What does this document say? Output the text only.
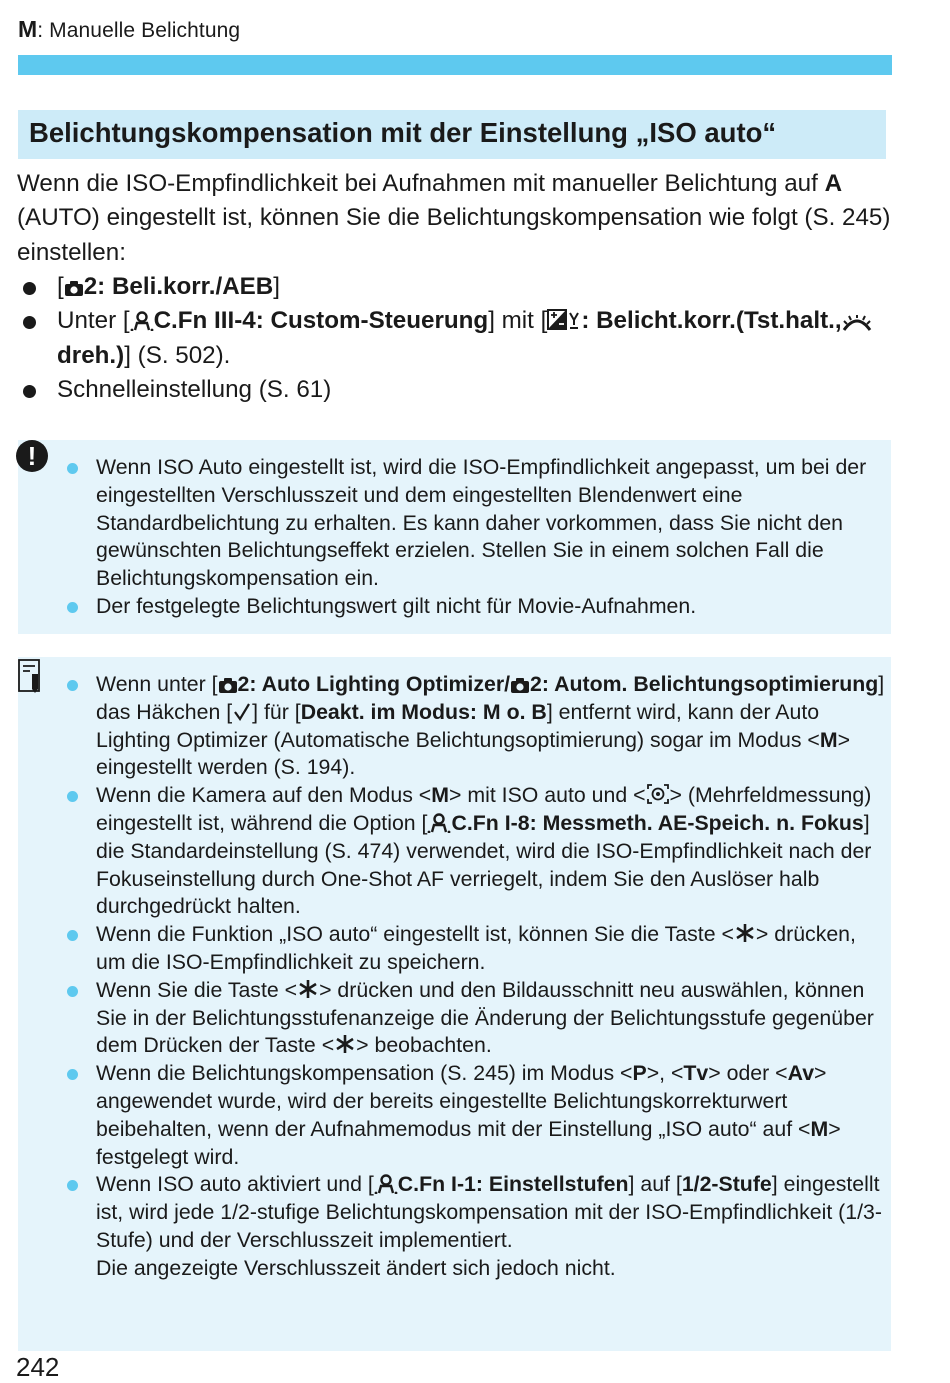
M: Manuelle Belichtung
Belichtungskompensation mit der Einstellung „ISO auto“

Wenn die ISO-Empfindlichkeit bei Aufnahmen mit manueller Belichtung auf A (AUTO) eingestellt ist, können Sie die Belichtungskompensation wie folgt (S. 245) einstellen:

[ 2: Beli.korr./AEB]
Unter [ C.Fn III-4: Custom-Steuerung] mit [ : Belicht.korr.(Tst.halt.,dreh.)] (S. 502).
Schnelleinstellung (S. 61)
!	Wenn ISO Auto eingestellt ist, wird die ISO-Empfindlichkeit angepasst, um bei der eingestellten Verschlusszeit und dem eingestellten Blendenwert eine Standardbelichtung zu erhalten. Es kann daher vorkommen, dass Sie nicht den gewünschten Belichtungseffekt erzielen. Stellen Sie in einem solchen Fall die Belichtungskompensation ein.
Der festgelegte Belichtungswert gilt nicht für Movie-Aufnahmen.
Wenn unter [ 2: Auto Lighting Optimizer/ 2: Autom. Belichtungsoptimierung] das Häkchen [ ] für [Deakt. im Modus: M o. B] entfernt wird, kann der Auto Lighting Optimizer (Automatische Belichtungsoptimierung) sogar im Modus <M> eingestellt werden (S. 194).
Wenn die Kamera auf den Modus <M> mit ISO auto und < > (Mehrfeldmessung) eingestellt ist, während die Option [ C.Fn I-8: Messmeth. AE-Speich. n. Fokus] die Standardeinstellung (S. 474) verwendet, wird die ISO-Empfindlichkeit nach der Fokuseinstellung durch One-Shot AF verriegelt, indem Sie den Auslöser halb durchgedrückt halten.
Wenn die Funktion „ISO auto“ eingestellt ist, können Sie die Taste < > drücken, um die ISO-Empfindlichkeit zu speichern.
Wenn Sie die Taste < > drücken und den Bildausschnitt neu auswählen, können Sie in der Belichtungsstufenanzeige die Änderung der Belichtungsstufe gegenüber dem Drücken der Taste < > beobachten.
Wenn die Belichtungskompensation (S. 245) im Modus <P>, <Tv> oder <Av> angewendet wurde, wird der bereits eingestellte Belichtungskorrekturwert beibehalten, wenn der Aufnahmemodus mit der Einstellung „ISO auto“ auf <M> festgelegt wird.
Wenn ISO auto aktiviert und [ C.Fn I-1: Einstellstufen] auf [1/2-Stufe] eingestellt ist, wird jede 1/2-stufige Belichtungskompensation mit der ISO-Empfindlichkeit (1/3-Stufe) und der Verschlusszeit implementiert.
Die angezeigte Verschlusszeit ändert sich jedoch nicht.
242
